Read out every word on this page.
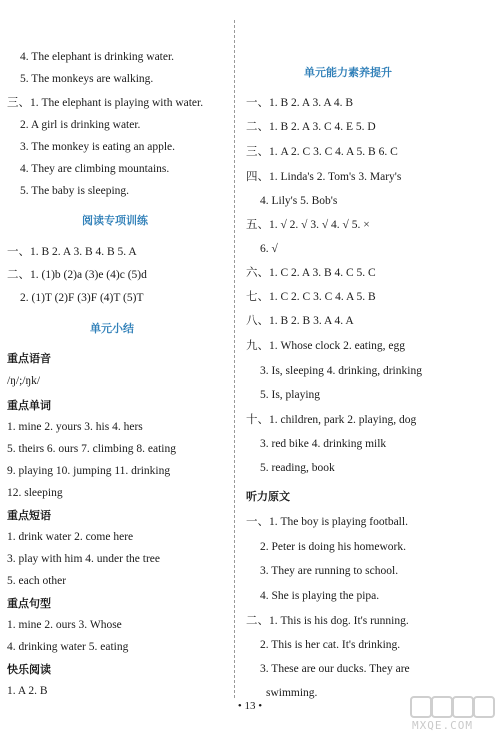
4. The elephant is drinking water.
5. The monkeys are walking.
三、1. The elephant is playing with water.
2. A girl is drinking water.
3. The monkey is eating an apple.
4. They are climbing mountains.
5. The baby is sleeping.
一、1. B 2. A 3. B 4. B 5. A
二、1. (1)b (2)a (3)e (4)c (5)d
2. (1)T (2)F (3)F (4)T (5)T
/ŋ/;/ŋk/
1. mine 2. yours 3. his 4. hers
5. theirs 6. ours 7. climbing 8. eating
9. playing 10. jumping 11. drinking
12. sleeping
1. drink water 2. come here
3. play with him 4. under the tree
5. each other
1. mine 2. ours 3. Whose
4. drinking water 5. eating
1. A 2. B
一、1. B 2. A 3. A 4. B
二、1. B 2. A 3. C 4. E 5. D
三、1. A 2. C 3. C 4. A 5. B 6. C
四、1. Linda's 2. Tom's 3. Mary's
4. Lily's 5. Bob's
五、1. √ 2. √ 3. √ 4. √ 5. ×
6. √
六、1. C 2. A 3. B 4. C 5. C
七、1. C 2. C 3. C 4. A 5. B
八、1. B 2. B 3. A 4. A
九、1. Whose clock 2. eating, egg
3. Is, sleeping 4. drinking, drinking
5. Is, playing
十、1. children, park 2. playing, dog
3. red bike 4. drinking milk
5. reading, book
一、1. The boy is playing football.
2. Peter is doing his homework.
3. They are running to school.
4. She is playing the pipa.
二、1. This is his dog. It's running.
2. This is her cat. It's drinking.
3. These are our ducks. They are
swimming.
阅读专项训练
单元小结
单元能力素养提升
重点语音
重点单词
重点短语
重点句型
快乐阅读
听力原文
• 13 •
MXQE.COM
